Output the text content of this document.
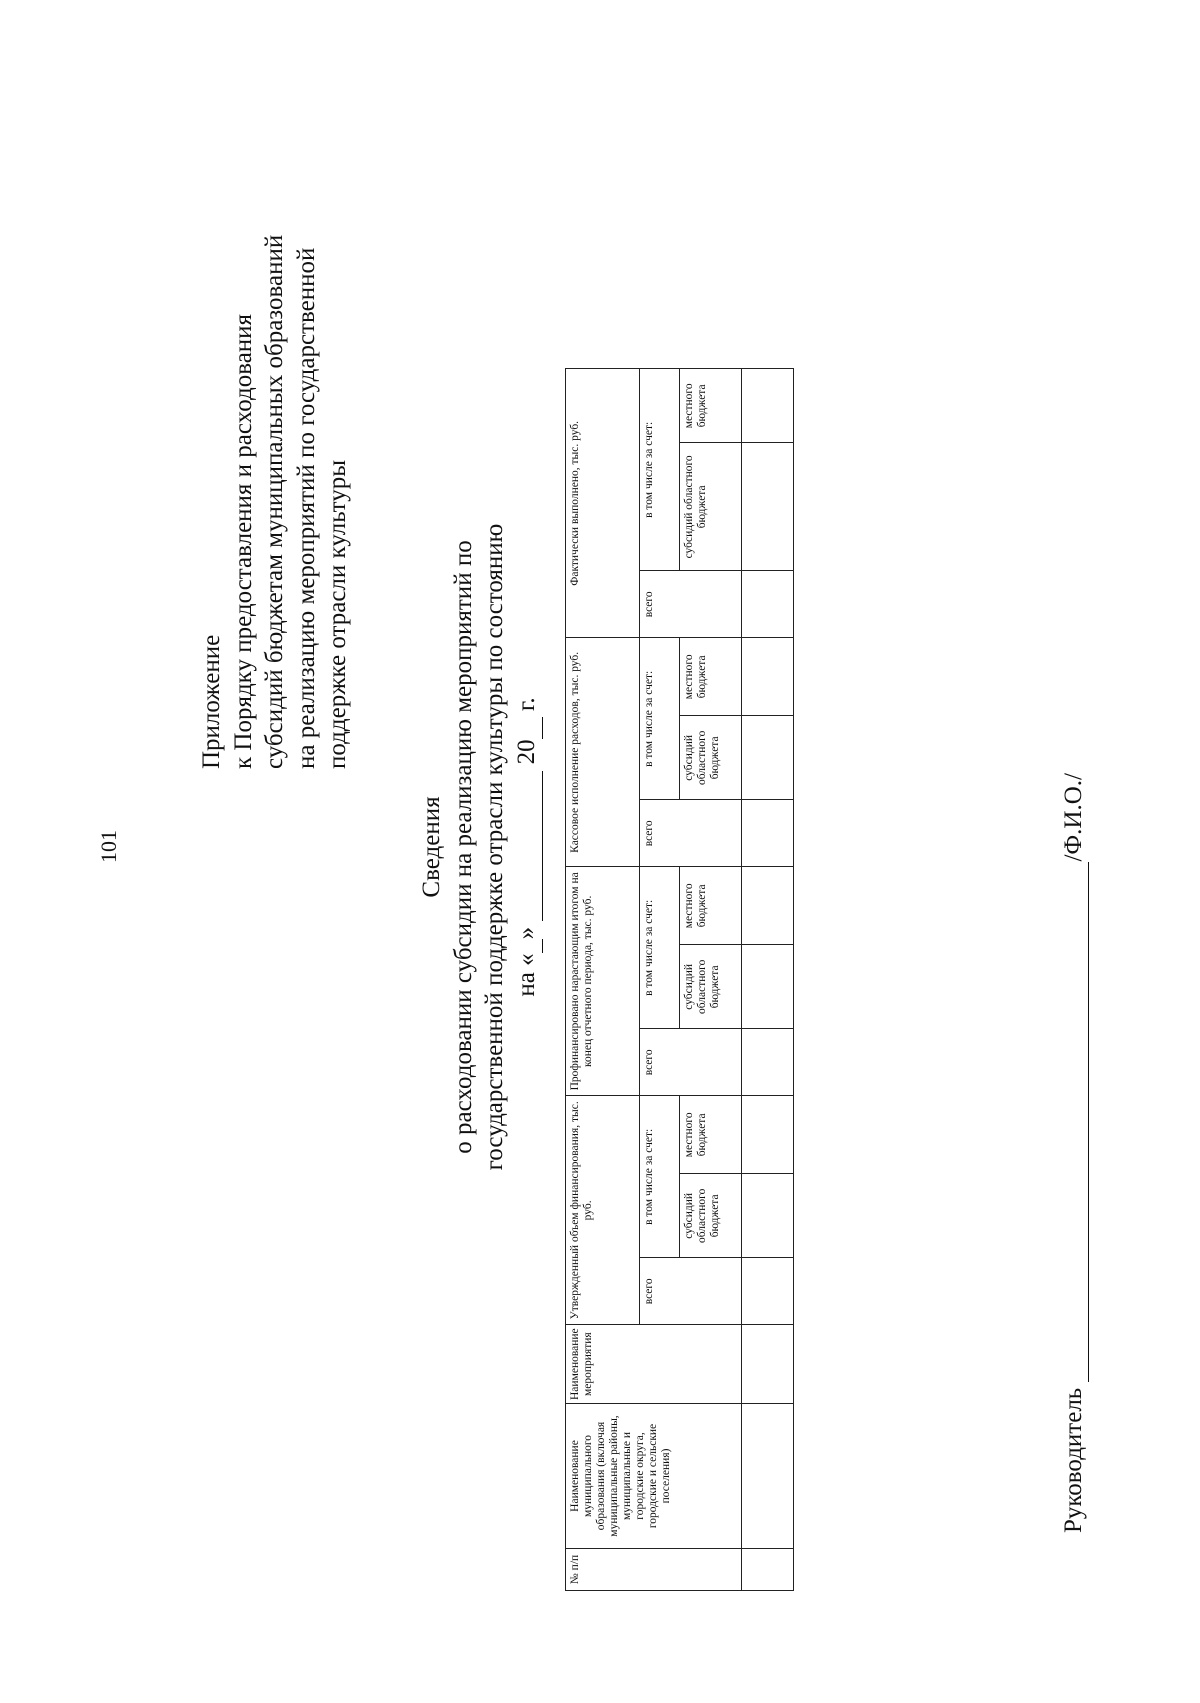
101
Приложение к Порядку предоставления и расходования субсидий бюджетам муниципальных образований на реализацию мероприятий по государственной поддержке отрасли культуры
Сведения о расходовании субсидии на реализацию мероприятий по государственной поддержке отрасли культуры по состоянию на « »   20  г.
№ п/п	Наименование муниципального образования (включая муниципальные районы, муниципальные и городские округа, городские и сельские поселения)	Наименование мероприятия	Утвержденный объем финансирования, тыс. руб.			Профинансировано нарастающим итогом на конец отчетного периода, тыс. руб.			Кассовое исполнение расходов, тыс. руб.			Фактически выполнено, тыс. руб.		
			всего	в том числе за счет:		всего	в том числе за счет:		всего	в том числе за счет:		всего	в том числе за счет:	
				субсидий областного бюджета	местного бюджета		субсидий областного бюджета	местного бюджета		субсидий областного бюджета	местного бюджета		субсидий областного бюджета	местного бюджета

Руководитель  /Ф.И.О./
